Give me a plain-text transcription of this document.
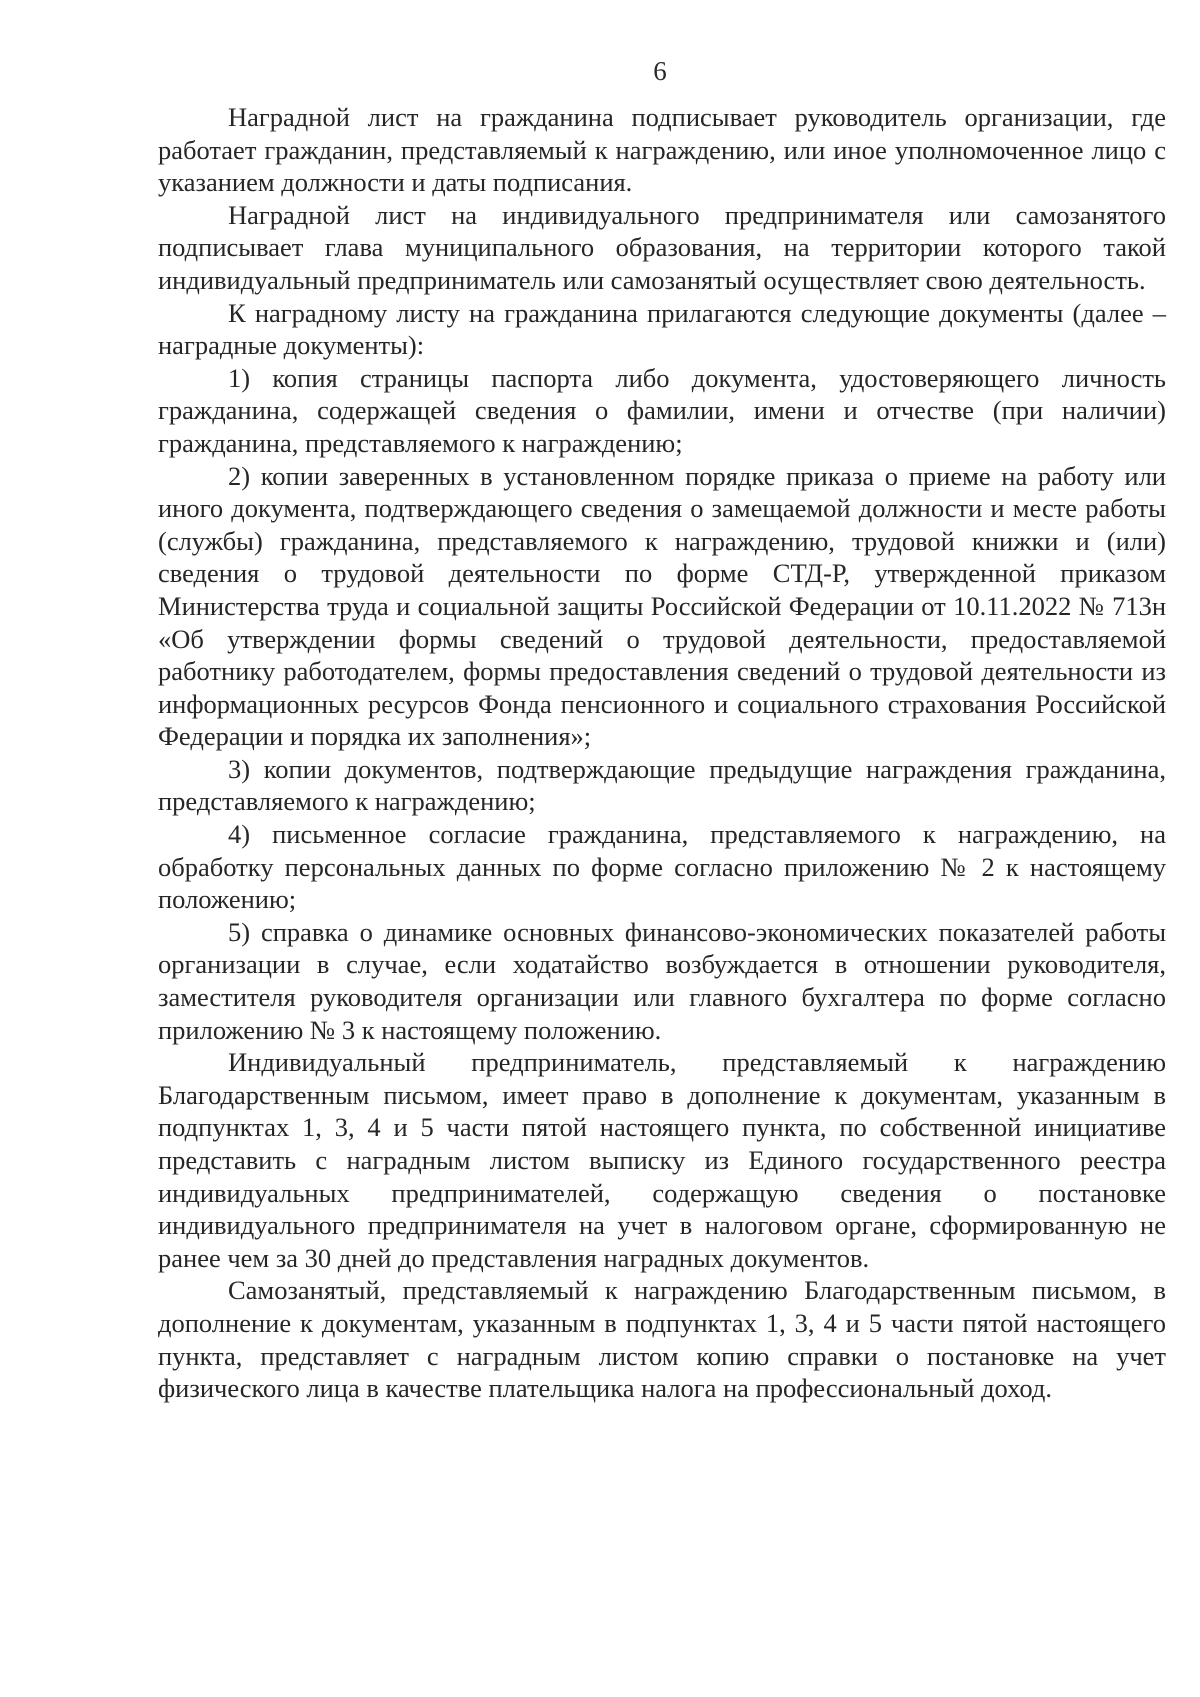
6

Наградной лист на гражданина подписывает руководитель организации, где работает гражданин, представляемый к награждению, или иное уполномоченное лицо с указанием должности и даты подписания.

Наградной лист на индивидуального предпринимателя или самозанятого подписывает глава муниципального образования, на территории которого такой индивидуальный предприниматель или самозанятый осуществляет свою деятельность.

К наградному листу на гражданина прилагаются следующие документы (далее – наградные документы):

1) копия страницы паспорта либо документа, удостоверяющего личность гражданина, содержащей сведения о фамилии, имени и отчестве (при наличии) гражданина, представляемого к награждению;

2) копии заверенных в установленном порядке приказа о приеме на работу или иного документа, подтверждающего сведения о замещаемой должности и месте работы (службы) гражданина, представляемого к награждению, трудовой книжки и (или) сведения о трудовой деятельности по форме СТД-Р, утвержденной приказом Министерства труда и социальной защиты Российской Федерации от 10.11.2022 № 713н «Об утверждении формы сведений о трудовой деятельности, предоставляемой работнику работодателем, формы предоставления сведений о трудовой деятельности из информационных ресурсов Фонда пенсионного и социального страхования Российской Федерации и порядка их заполнения»;

3) копии документов, подтверждающие предыдущие награждения гражданина, представляемого к награждению;

4) письменное согласие гражданина, представляемого к награждению, на обработку персональных данных по форме согласно приложению № 2 к настоящему положению;

5) справка о динамике основных финансово-экономических показателей работы организации в случае, если ходатайство возбуждается в отношении руководителя, заместителя руководителя организации или главного бухгалтера по форме согласно приложению № 3 к настоящему положению.

Индивидуальный предприниматель, представляемый к награждению Благодарственным письмом, имеет право в дополнение к документам, указанным в подпунктах 1, 3, 4 и 5 части пятой настоящего пункта, по собственной инициативе представить с наградным листом выписку из Единого государственного реестра индивидуальных предпринимателей, содержащую сведения о постановке индивидуального предпринимателя на учет в налоговом органе, сформированную не ранее чем за 30 дней до представления наградных документов.

Самозанятый, представляемый к награждению Благодарственным письмом, в дополнение к документам, указанным в подпунктах 1, 3, 4 и 5 части пятой настоящего пункта, представляет с наградным листом копию справки о постановке на учет физического лица в качестве плательщика налога на профессиональный доход.
